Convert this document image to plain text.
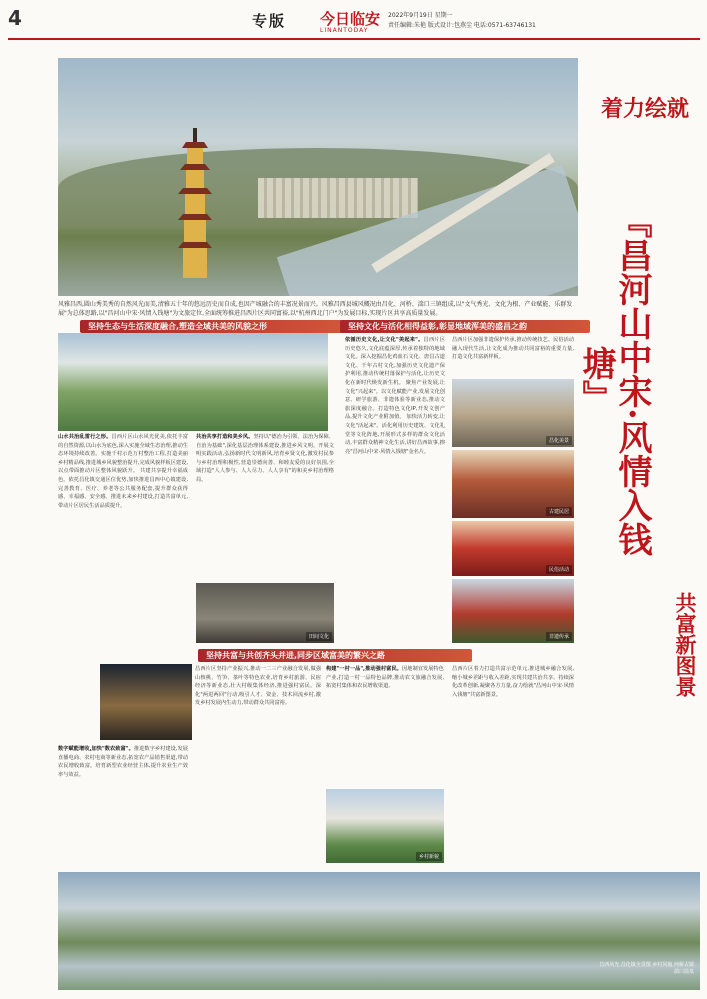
4	专版 今日临安
LINANTODAY
2022年9月19日 星期一
责任编辑:朱艳 版式设计:包燕尘 电话:0571-63746131
风雅昌西,圆山秀美秀的自然风光而美,清雅五十年的悠远历史而自成,也因产城融合的丰富况景而兴。风雅昌西县城风概况由昌化、河桥、湍口三镇组成,以"文气秀光、文化为根、产业赋能、乐群发展"为总体思路,以"昌河山中宋·风情入钱塘"为文旅定位,全面统筹推进昌西片区共同富裕,以"杭州西北门户"为发展目标,实现片区共享高质量发展。
着力绘就
『昌河山中宋·风情入钱塘』
共富新图景
坚持生态与生活深度融合,塑造全域共美的风貌之形	坚持文化与活化相得益彰,彰显地域浑美的盛昌之韵
坚持共富与共创齐头并进,同步区域富美的繁兴之路
田间文化
昌化美景
古建民居
民俗活动
非遗传承
乡村新貌
山水共治乱雷行之形。昌西片区山水风光优美,依托丰富的自然资源,以山水为底色,深入实施全域生态治理,推动生态环境持续改善。实施千村示范万村整治工程,打造美丽乡村精品线,推进城乡风貌整治提升,完成风貌样板区建设,以点带面推动片区整体风貌跃升。 共建共享提升幸福成色。依托昌化镇交通区位优势,加快推进昌西中心镇建设,完善教育、医疗、养老等公共服务配套,提升群众获得感、幸福感、安全感。推进未来乡村建设,打造共富单元,带动片区居民生活品质提升。
共治共享打造和美乡风。坚持以"德治为引领、法治为保障、自治为基础",深化基层治理体系建设,推进乡风文明。开展文明实践活动,弘扬新时代文明新风,培育乡贤文化,激发村民参与乡村治理积极性,营造崇德向善、和睦友爱的良好氛围,全域打造"人人参与、人人尽力、人人享有"的和美乡村治理格局。
依循历史文化,让文化"美起来"。昌西片区历史悠久,文化底蕴深厚,传承着独特的地域文化。深入挖掘昌化鸡血石文化、唐昌古道文化、千年古村文化,加强历史文化遗产保护利用,推动传统村落保护与活化,让历史文化在新时代焕发新生机。 聚焦产业发展,让文化"兴起来"。以文化赋能产业,发展文化创意、研学旅游、非遗体验等新业态,推动文旅深度融合。打造特色文化IP,开发文创产品,提升文化产业附加值。 加快活力转变,让文化"活起来"。活化利用历史建筑、文化礼堂等文化阵地,开展形式多样的群众文化活动,丰富群众精神文化生活,讲好昌西故事,擦亮"昌河山中宋·风情入钱塘"金名片。
昌西片区加强非遗保护传承,推动传统技艺、民俗活动融入现代生活,让文化成为推动共同富裕的重要力量,打造文化共富新样板。
数字赋能增收,加快"数农致富"。推进数字乡村建设,发展直播电商、农村电商等新业态,拓宽农产品销售渠道,带动农民增收致富。培育新型农业经营主体,提升农业生产效率与效益。
昌西片区坚持产业振兴,推动一二三产业融合发展,做强山核桃、竹笋、茶叶等特色农业,培育乡村旅游、民宿经济等新业态,壮大村级集体经济,推进强村富民。深化"两进两回"行动,吸引人才、资金、技术回流乡村,激发乡村发展内生动力,带动群众共同富裕。
构建"一村一品",推动强村富民。因地制宜发展特色产业,打造一村一品特色品牌,推动农文旅融合发展,拓宽村集体和农民增收渠道。
昌西片区着力打造共富示范单元,推进城乡融合发展,缩小城乡差距与收入差距,实现共建共治共享。持续深化改革创新,凝聚各方力量,奋力绘就"昌河山中宋·风情入钱塘"共富新图景。
昌西风光 昌化镇全景图 乡村风貌 河桥古镇 湍口温泉
